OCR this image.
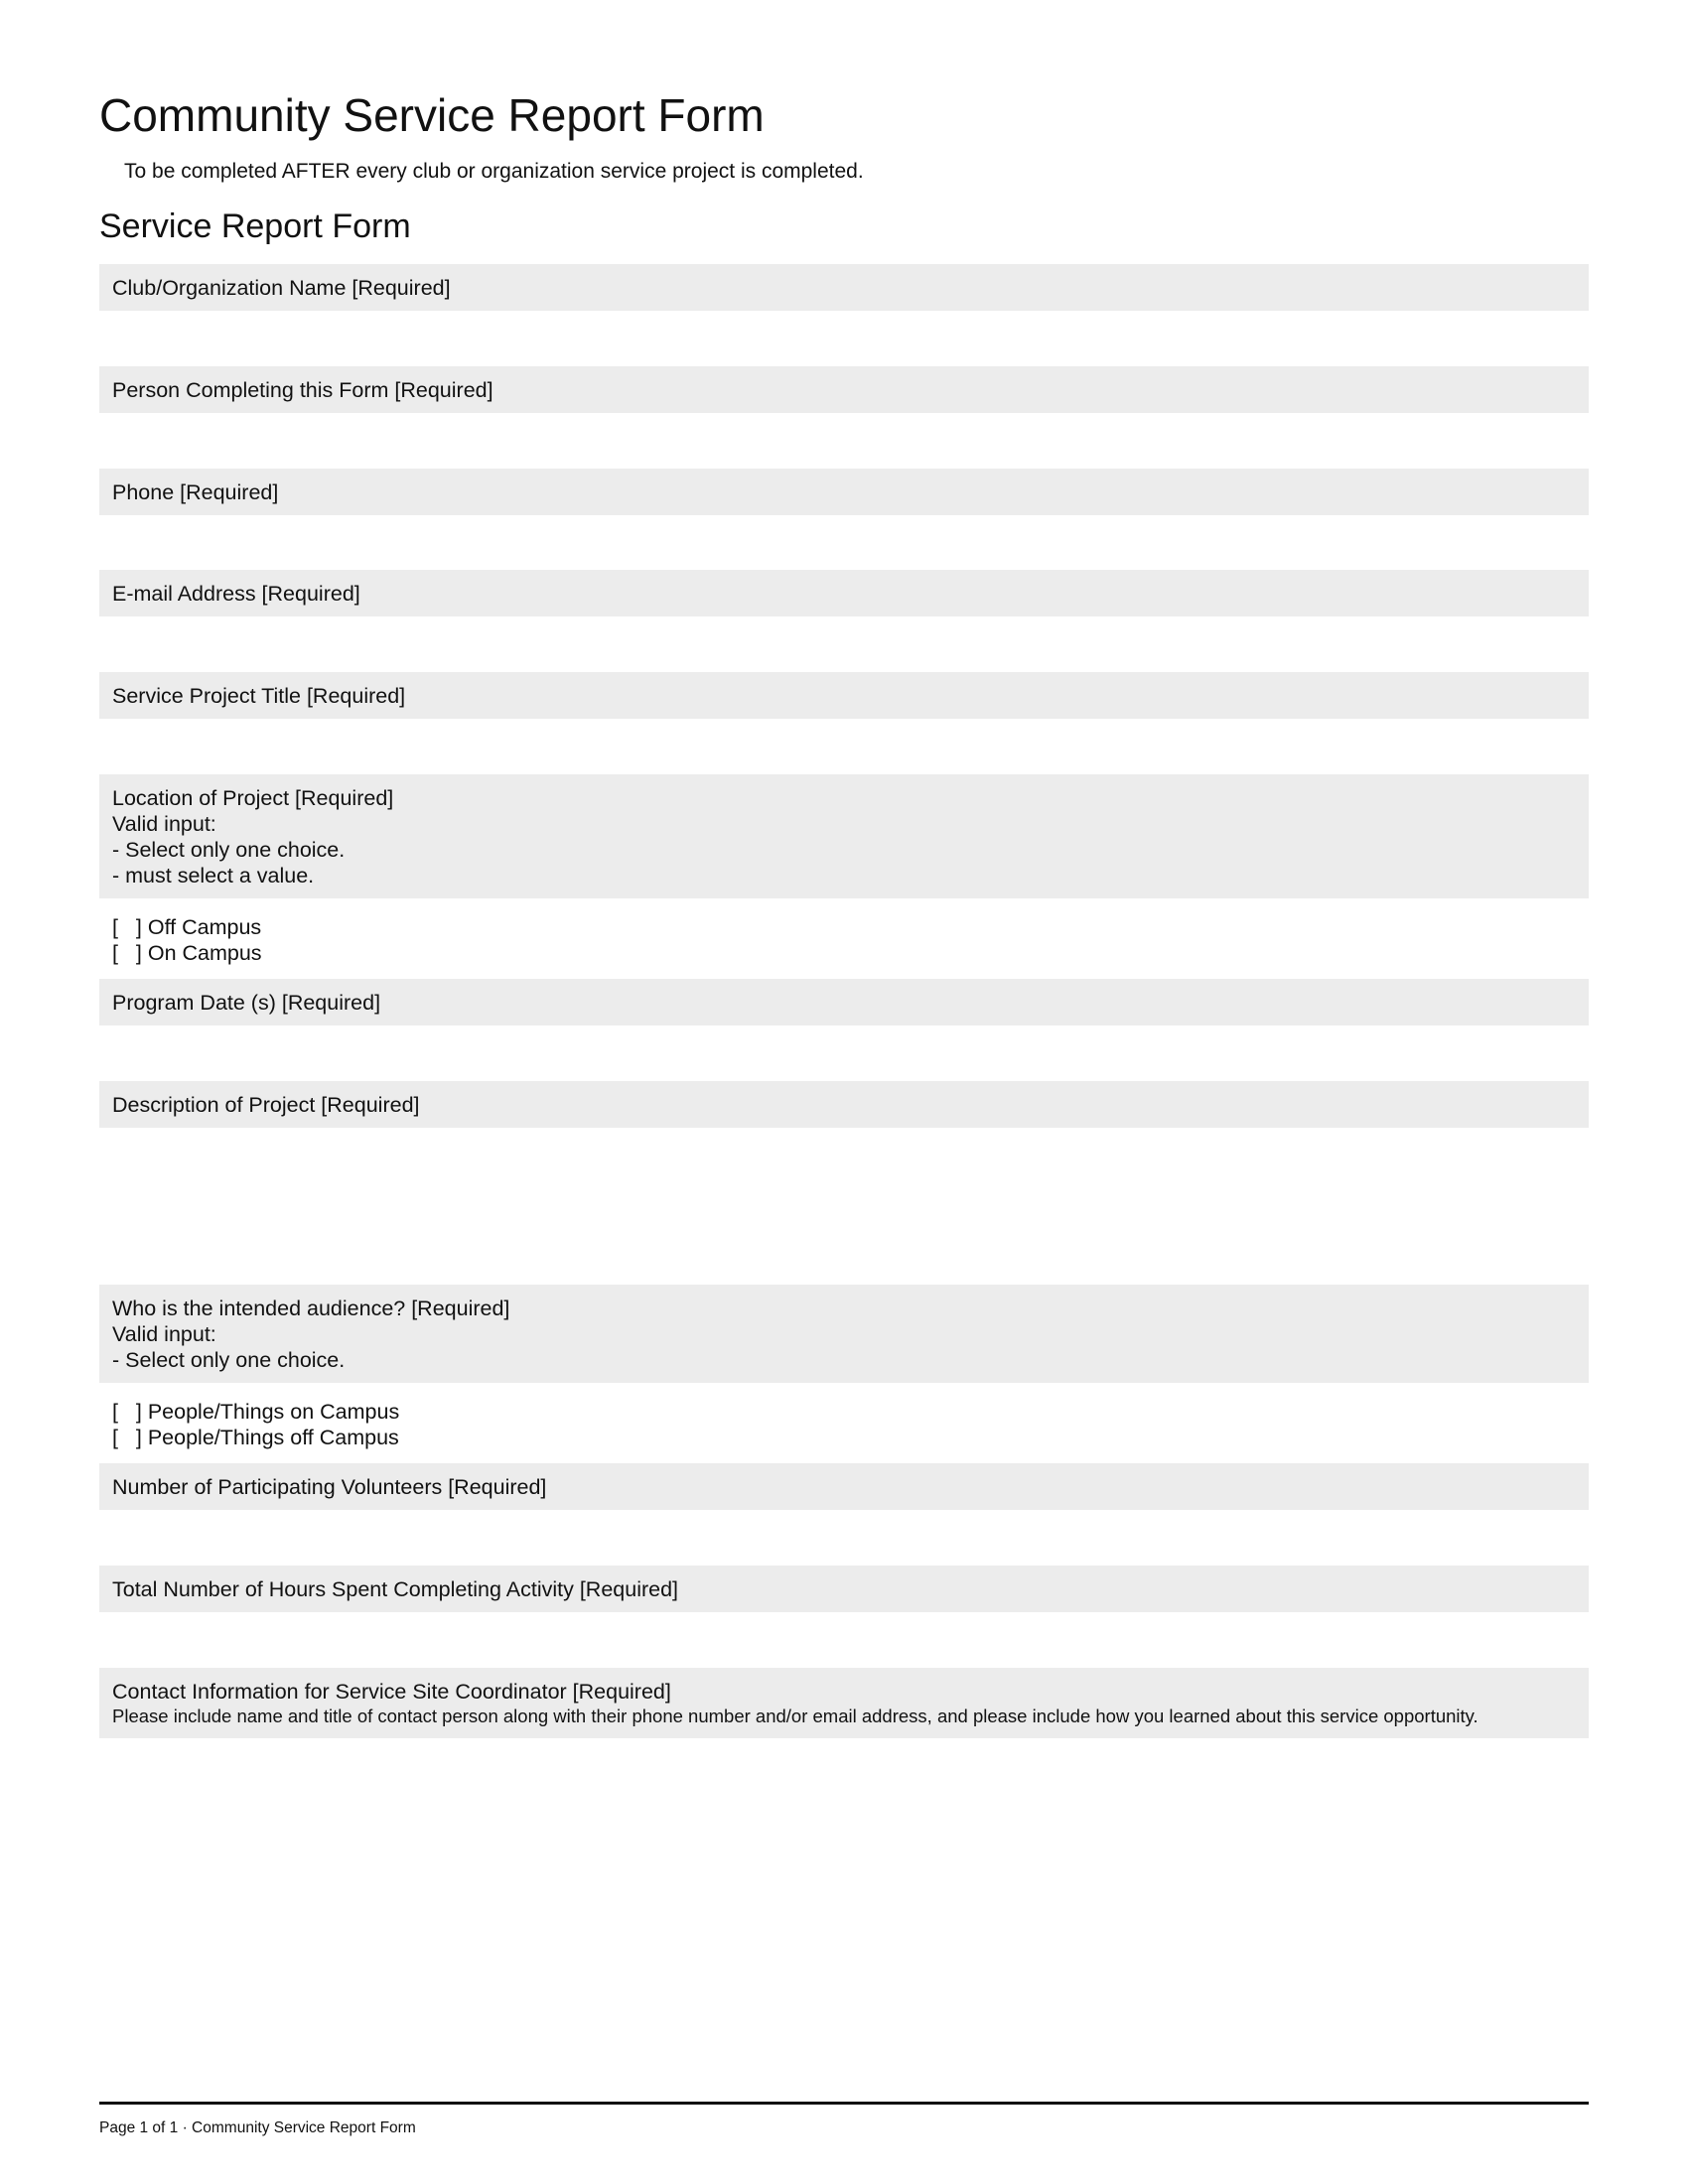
Community Service Report Form

To be completed AFTER every club or organization service project is completed.

Service Report Form
Club/Organization Name [Required]
Person Completing this Form [Required]
Phone [Required]
E-mail Address [Required]
Service Project Title [Required]
Location of Project [Required]
Valid input:
- Select only one choice.
- must select a value.
[   ] Off Campus
[   ] On Campus
Program Date (s) [Required]
Description of Project [Required]
Who is the intended audience? [Required]
Valid input:
- Select only one choice.
[   ] People/Things on Campus
[   ] People/Things off Campus
Number of Participating Volunteers [Required]
Total Number of Hours Spent Completing Activity [Required]
Contact Information for Service Site Coordinator [Required]
Please include name and title of contact person along with their phone number and/or email address, and please include how you learned about this service opportunity.
Page 1 of 1 · Community Service Report Form
